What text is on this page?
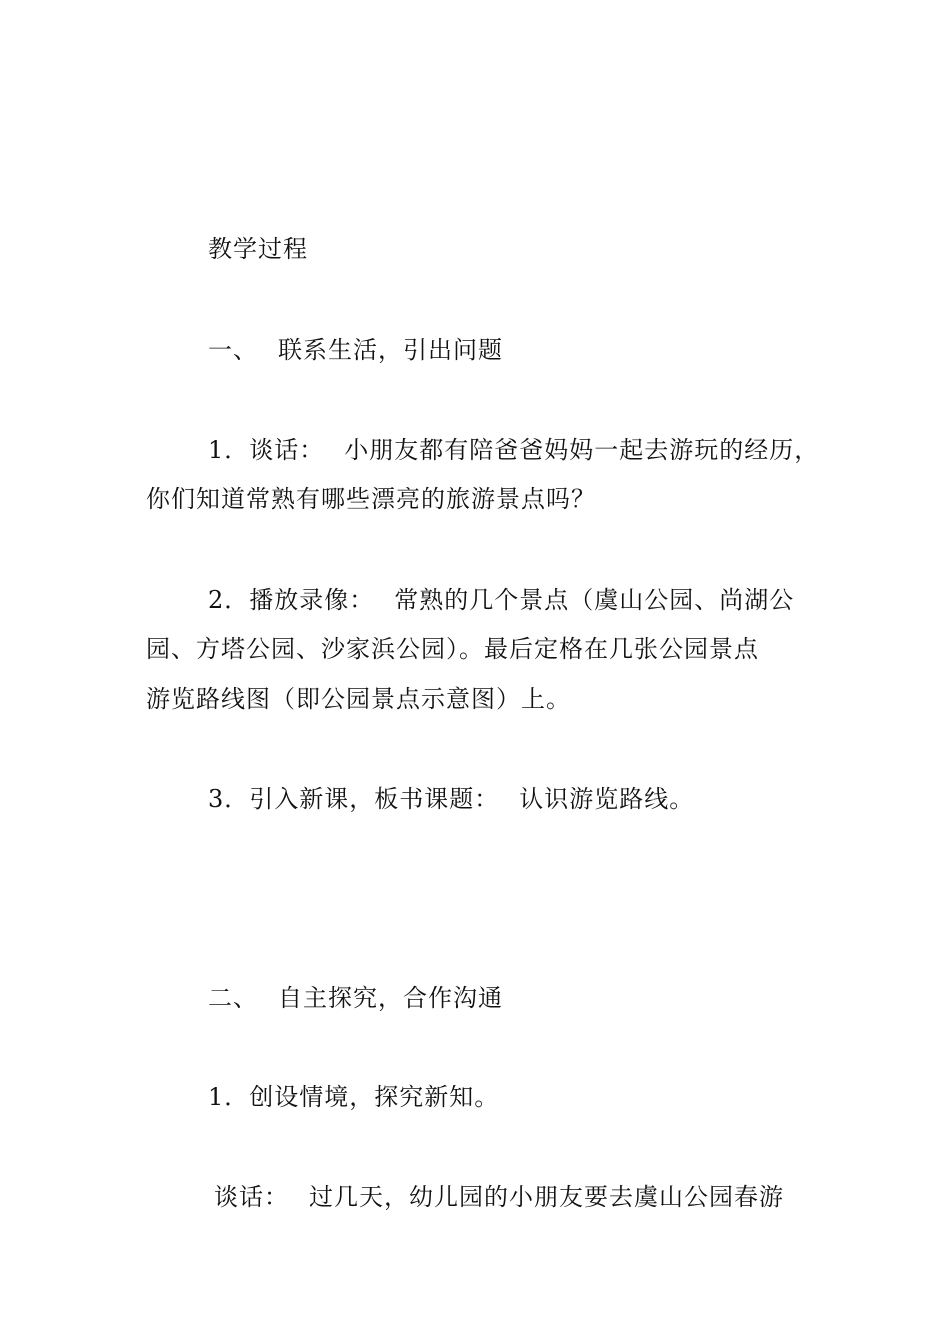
教学过程
一、 联系生活，引出问题
1．谈话： 小朋友都有陪爸爸妈妈一起去游玩的经历，
你们知道常熟有哪些漂亮的旅游景点吗？
2．播放录像： 常熟的几个景点（虞山公园、尚湖公
园、方塔公园、沙家浜公园）。最后定格在几张公园景点
游览路线图（即公园景点示意图）上。
3．引入新课，板书课题： 认识游览路线。
二、 自主探究，合作沟通
1．创设情境，探究新知。
谈话： 过几天，幼儿园的小朋友要去虞山公园春游
